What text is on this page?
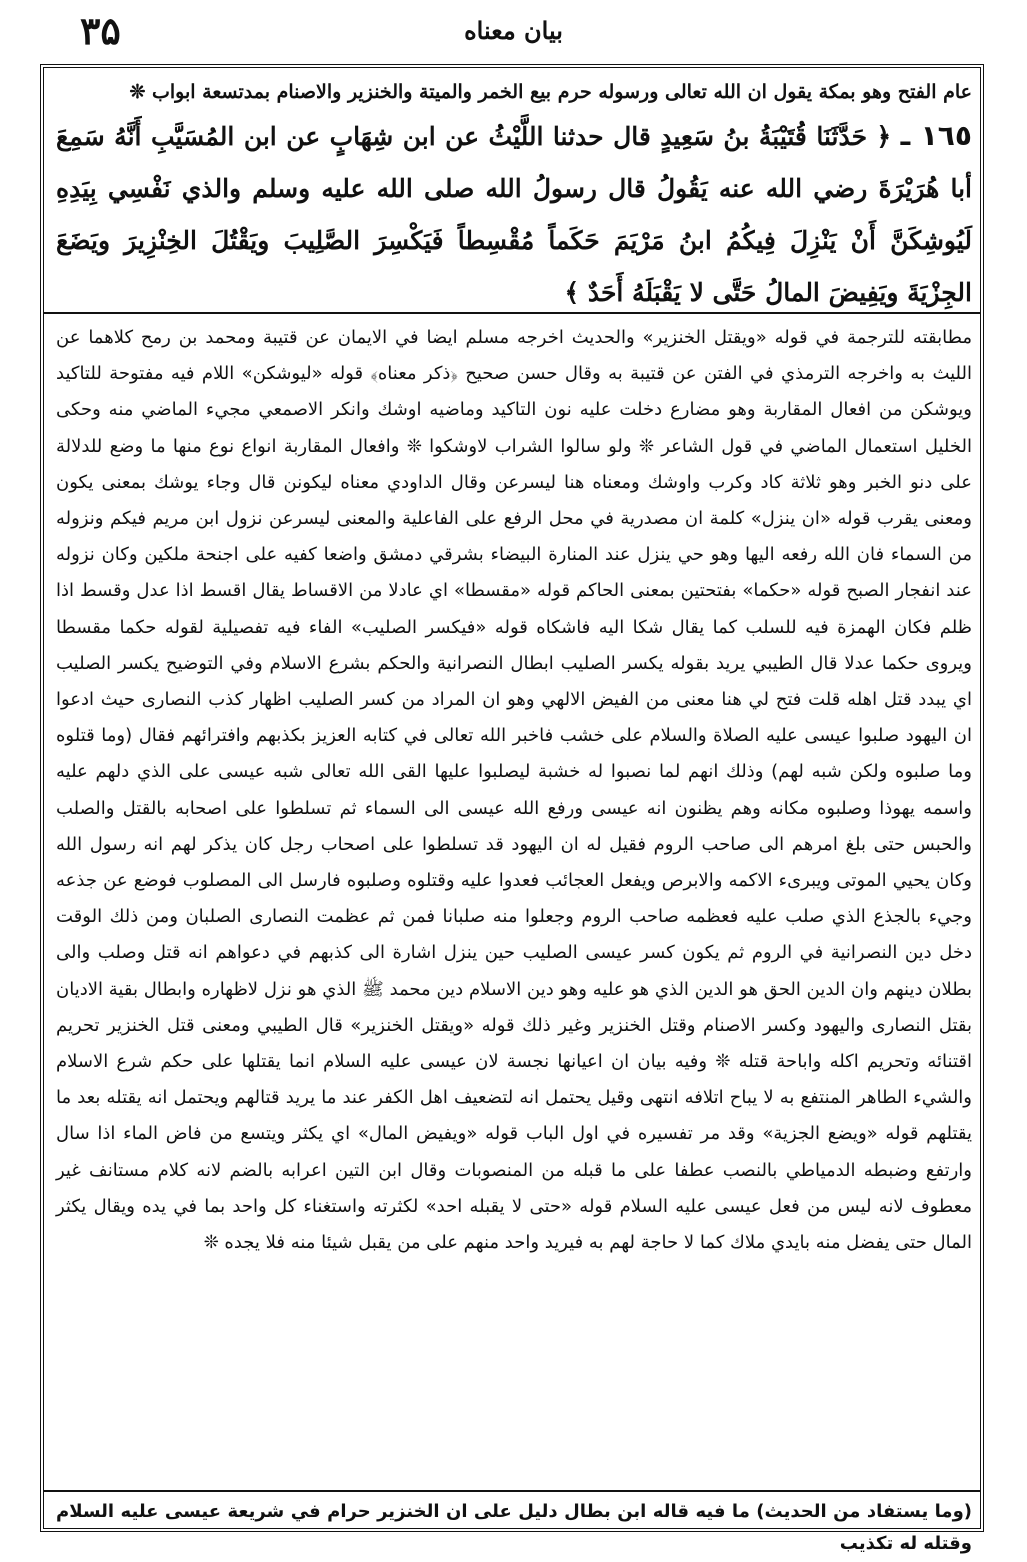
۳۵	بیان معناه

عام الفتح وهو بمكة يقول ان الله تعالى ورسوله حرم بيع الخمر والميتة والخنزير والاصنام بمدتسعة ابواب ❊

١٦٥ ـ ﴿ حَدَّثَنَا قُتَيْبَةُ بنُ سَعِيدٍ قال حدثنا اللَّيْثُ عن ابن شِهَابٍ عن ابن المُسَيَّبِ أَنَّهُ سَمِعَ أبا هُرَيْرَةَ رضي الله عنه يَقُولُ قال رسولُ الله صلى الله عليه وسلم والذي نَفْسِي بِيَدِهِ لَيُوشِكَنَّ أَنْ يَنْزِلَ فِيكُمُ ابنُ مَرْيَمَ حَكَماً مُقْسِطاً فَيَكْسِرَ الصَّلِيبَ ويَقْتُلَ الخِنْزِيرَ ويَضَعَ الجِزْيَةَ ويَفِيضَ المالُ حَتَّى لا يَقْبَلَهُ أَحَدٌ ﴾

مطابقته للترجمة في قوله «ويقتل الخنزير» والحديث اخرجه مسلم ايضا في الايمان عن قتيبة ومحمد بن رمح كلاهما عن الليث به واخرجه الترمذي في الفتن عن قتيبة به وقال حسن صحيح ﴿ذكر معناه﴾ قوله «ليوشكن» اللام فيه مفتوحة للتاكيد ويوشكن من افعال المقاربة وهو مضارع دخلت عليه نون التاكيد وماضيه اوشك وانكر الاصمعي مجيء الماضي منه وحكى الخليل استعمال الماضي في قول الشاعر ❊ ولو سالوا الشراب لاوشكوا ❊ وافعال المقاربة انواع نوع منها ما وضع للدلالة على دنو الخبر وهو ثلاثة كاد وكرب واوشك ومعناه هنا ليسرعن وقال الداودي معناه ليكونن قال وجاء يوشك بمعنى يكون ومعنى يقرب قوله «ان ينزل» كلمة ان مصدرية في محل الرفع على الفاعلية والمعنى ليسرعن نزول ابن مريم فيكم ونزوله من السماء فان الله رفعه اليها وهو حي ينزل عند المنارة البيضاء بشرقي دمشق واضعا كفيه على اجنحة ملكين وكان نزوله عند انفجار الصبح قوله «حكما» بفتحتين بمعنى الحاكم قوله «مقسطا» اي عادلا من الاقساط يقال اقسط اذا عدل وقسط اذا ظلم فكان الهمزة فيه للسلب كما يقال شكا اليه فاشكاه قوله «فيكسر الصليب» الفاء فيه تفصيلية لقوله حكما مقسطا ويروى حكما عدلا قال الطيبي يريد بقوله يكسر الصليب ابطال النصرانية والحكم بشرع الاسلام وفي التوضيح يكسر الصليب اي يبدد قتل اهله قلت فتح لي هنا معنى من الفيض الالهي وهو ان المراد من كسر الصليب اظهار كذب النصارى حيث ادعوا ان اليهود صلبوا عيسى عليه الصلاة والسلام على خشب فاخبر الله تعالى في كتابه العزيز بكذبهم وافترائهم فقال (وما قتلوه وما صلبوه ولكن شبه لهم) وذلك انهم لما نصبوا له خشبة ليصلبوا عليها القى الله تعالى شبه عيسى على الذي دلهم عليه واسمه يهوذا وصلبوه مكانه وهم يظنون انه عيسى ورفع الله عيسى الى السماء ثم تسلطوا على اصحابه بالقتل والصلب والحبس حتى بلغ امرهم الى صاحب الروم فقيل له ان اليهود قد تسلطوا على اصحاب رجل كان يذكر لهم انه رسول الله وكان يحيي الموتى ويبرىء الاكمه والابرص ويفعل العجائب فعدوا عليه وقتلوه وصلبوه فارسل الى المصلوب فوضع عن جذعه وجيء بالجذع الذي صلب عليه فعظمه صاحب الروم وجعلوا منه صلبانا فمن ثم عظمت النصارى الصلبان ومن ذلك الوقت دخل دين النصرانية في الروم ثم يكون كسر عيسى الصليب حين ينزل اشارة الى كذبهم في دعواهم انه قتل وصلب والى بطلان دينهم وان الدين الحق هو الدين الذي هو عليه وهو دين الاسلام دين محمد ﷺ الذي هو نزل لاظهاره وابطال بقية الاديان بقتل النصارى واليهود وكسر الاصنام وقتل الخنزير وغير ذلك قوله «ويقتل الخنزير» قال الطيبي ومعنى قتل الخنزير تحريم اقتنائه وتحريم اكله واباحة قتله ❊ وفيه بيان ان اعيانها نجسة لان عيسى عليه السلام انما يقتلها على حكم شرع الاسلام والشيء الطاهر المنتفع به لا يباح اتلافه انتهى وقيل يحتمل انه لتضعيف اهل الكفر عند ما يريد قتالهم ويحتمل انه يقتله بعد ما يقتلهم قوله «ويضع الجزية» وقد مر تفسيره في اول الباب قوله «ويفيض المال» اي يكثر ويتسع من فاض الماء اذا سال وارتفع وضبطه الدمياطي بالنصب عطفا على ما قبله من المنصوبات وقال ابن التين اعرابه بالضم لانه كلام مستانف غير معطوف لانه ليس من فعل عيسى عليه السلام قوله «حتى لا يقبله احد» لكثرته واستغناء كل واحد بما في يده ويقال يكثر المال حتى يفضل منه بايدي ملاك كما لا حاجة لهم به فيريد واحد منهم على من يقبل شيئا منه فلا يجده ❊

(وما يستفاد من الحديث) ما فيه قاله ابن بطال دليل على ان الخنزير حرام في شريعة عيسى عليه السلام وقتله له تكذيب
